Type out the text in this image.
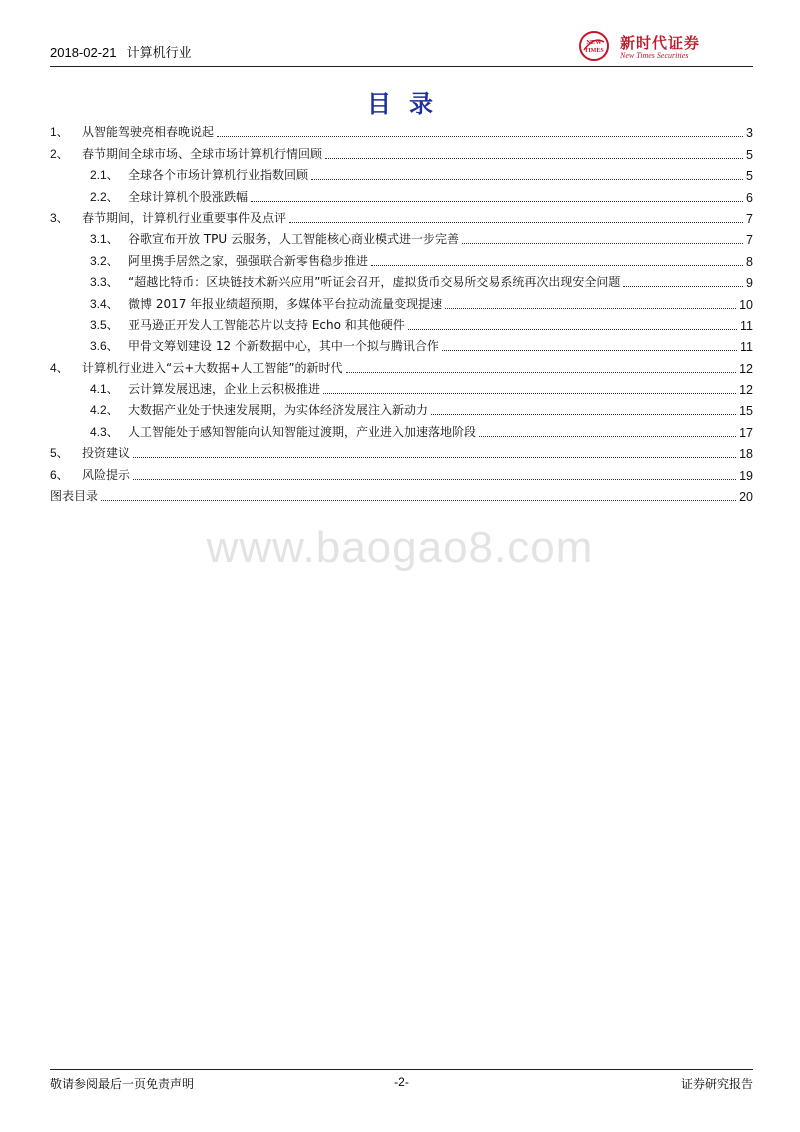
2018-02-21 计算机行业
NEW
TIMES 新时代证券
New Times Securities
目录
1、	从智能驾驶亮相春晚说起	3
2、	春节期间全球市场、全球市场计算机行情回顾	5
2.1、 全球各个市场计算机行业指数回顾	5
2.2、 全球计算机个股涨跌幅	6
3、	春节期间，计算机行业重要事件及点评	7
3.1、 谷歌宣布开放 TPU 云服务，人工智能核心商业模式进一步完善	7
3.2、 阿里携手居然之家，强强联合新零售稳步推进	8
3.3、 “超越比特币：区块链技术新兴应用”听证会召开，虚拟货币交易所交易系统再次出现安全问题	9
3.4、 微博 2017 年报业绩超预期，多媒体平台拉动流量变现提速	10
3.5、 亚马逊正开发人工智能芯片以支持 Echo 和其他硬件	11
3.6、 甲骨文筹划建设 12 个新数据中心，其中一个拟与腾讯合作	11
4、	计算机行业进入“云+大数据+人工智能”的新时代	12
4.1、 云计算发展迅速，企业上云积极推进	12
4.2、 大数据产业处于快速发展期，为实体经济发展注入新动力	15
4.3、 人工智能处于感知智能向认知智能过渡期，产业进入加速落地阶段	17
5、	投资建议	18
6、	风险提示	19
图表目录	20
www.baogao8.com
敬请参阅最后一页免责声明	-2-	证券研究报告
